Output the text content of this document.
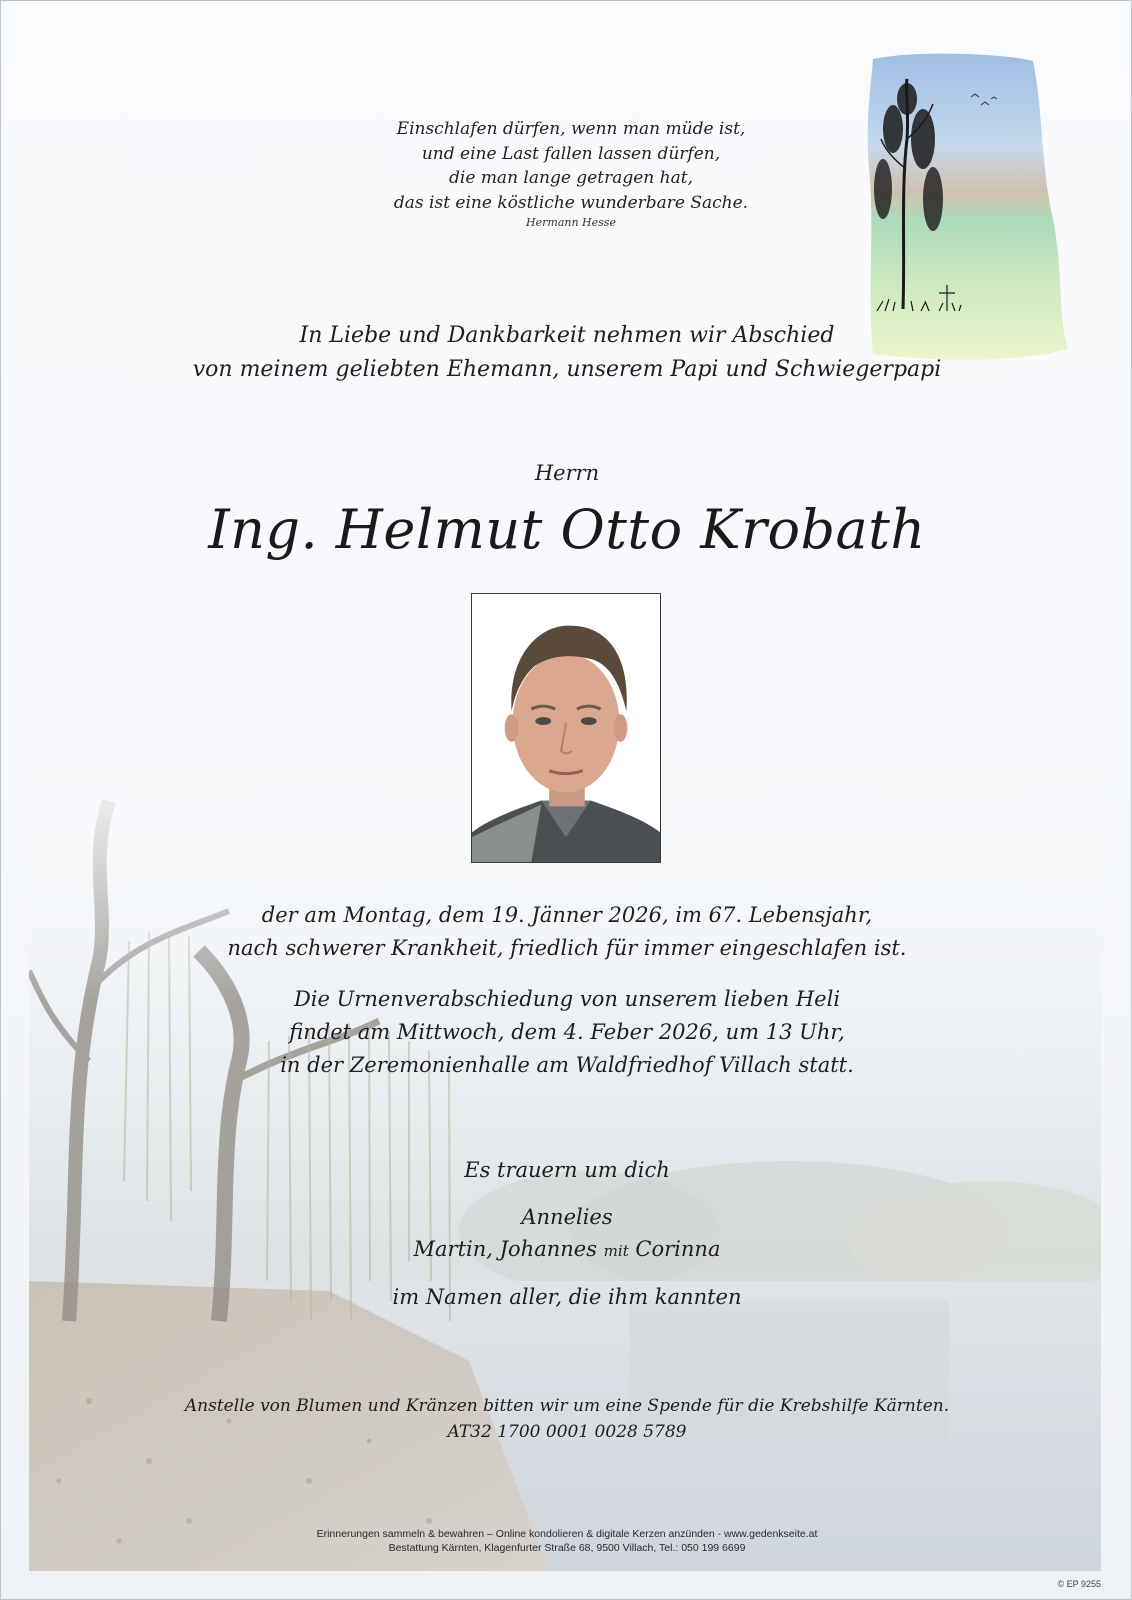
Einschlafen dürfen, wenn man müde ist,
und eine Last fallen lassen dürfen,
die man lange getragen hat,
das ist eine köstliche wunderbare Sache.
Hermann Hesse
In Liebe und Dankbarkeit nehmen wir Abschied
von meinem geliebten Ehemann, unserem Papi und Schwiegerpapi
Herrn
Ing. Helmut Otto Krobath
der am Montag, dem 19. Jänner 2026, im 67. Lebensjahr,
nach schwerer Krankheit, friedlich für immer eingeschlafen ist.
Die Urnenverabschiedung von unserem lieben Heli
findet am Mittwoch, dem 4. Feber 2026, um 13 Uhr,
in der Zeremonienhalle am Waldfriedhof Villach statt.
Es trauern um dich
Annelies
Martin, Johannes mit Corinna
im Namen aller, die ihm kannten
Anstelle von Blumen und Kränzen bitten wir um eine Spende für die Krebshilfe Kärnten.
AT32 1700 0001 0028 5789
Erinnerungen sammeln & bewahren – Online kondolieren & digitale Kerzen anzünden - www.gedenkseite.at
Bestattung Kärnten, Klagenfurter Straße 68, 9500 Villach, Tel.: 050 199 6699
© EP 9255
